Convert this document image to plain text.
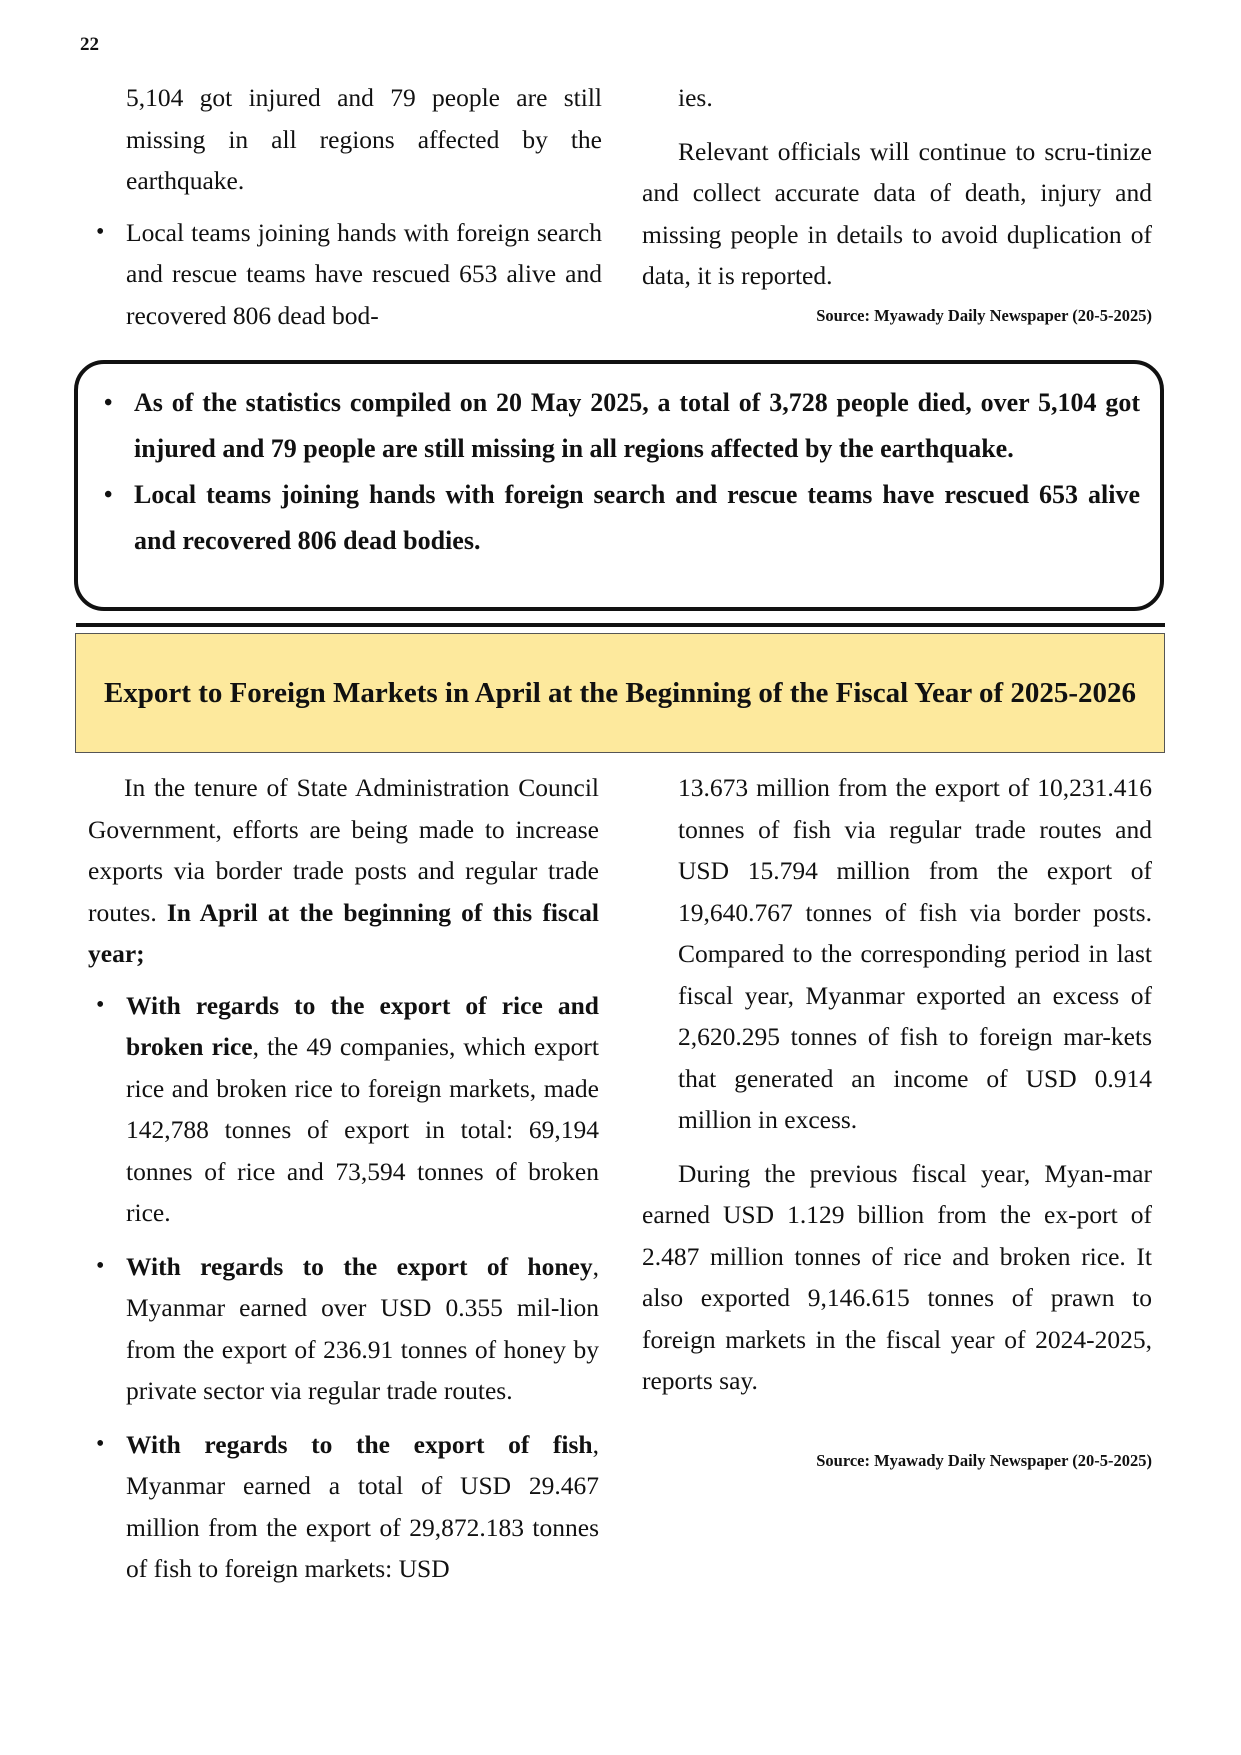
22

5,104 got injured and 79 people are still missing in all regions affected by the earthquake.

• Local teams joining hands with foreign search and rescue teams have rescued 653 alive and recovered 806 dead bod-

ies.

Relevant officials will continue to scru-tinize and collect accurate data of death, injury and missing people in details to avoid duplication of data, it is reported.

Source: Myawady Daily Newspaper (20-5-2025)
• As of the statistics compiled on 20 May 2025, a total of 3,728 people died, over 5,104 got injured and 79 people are still missing in all regions affected by the earthquake.
• Local teams joining hands with foreign search and rescue teams have rescued 653 alive and recovered 806 dead bodies.
Export to Foreign Markets in April at the Beginning of the Fiscal Year of 2025-2026

In the tenure of State Administration Council Government, efforts are being made to increase exports via border trade posts and regular trade routes. In April at the beginning of this fiscal year;

• With regards to the export of rice and broken rice, the 49 companies, which export rice and broken rice to foreign markets, made 142,788 tonnes of export in total: 69,194 tonnes of rice and 73,594 tonnes of broken rice.
• With regards to the export of honey, Myanmar earned over USD 0.355 mil-lion from the export of 236.91 tonnes of honey by private sector via regular trade routes.
• With regards to the export of fish, Myanmar earned a total of USD 29.467 million from the export of 29,872.183 tonnes of fish to foreign markets: USD

13.673 million from the export of 10,231.416 tonnes of fish via regular trade routes and USD 15.794 million from the export of 19,640.767 tonnes of fish via border posts. Compared to the corresponding period in last fiscal year, Myanmar exported an excess of 2,620.295 tonnes of fish to foreign mar-kets that generated an income of USD 0.914 million in excess.

During the previous fiscal year, Myan-mar earned USD 1.129 billion from the ex-port of 2.487 million tonnes of rice and broken rice. It also exported 9,146.615 tonnes of prawn to foreign markets in the fiscal year of 2024-2025, reports say.

Source: Myawady Daily Newspaper (20-5-2025)
